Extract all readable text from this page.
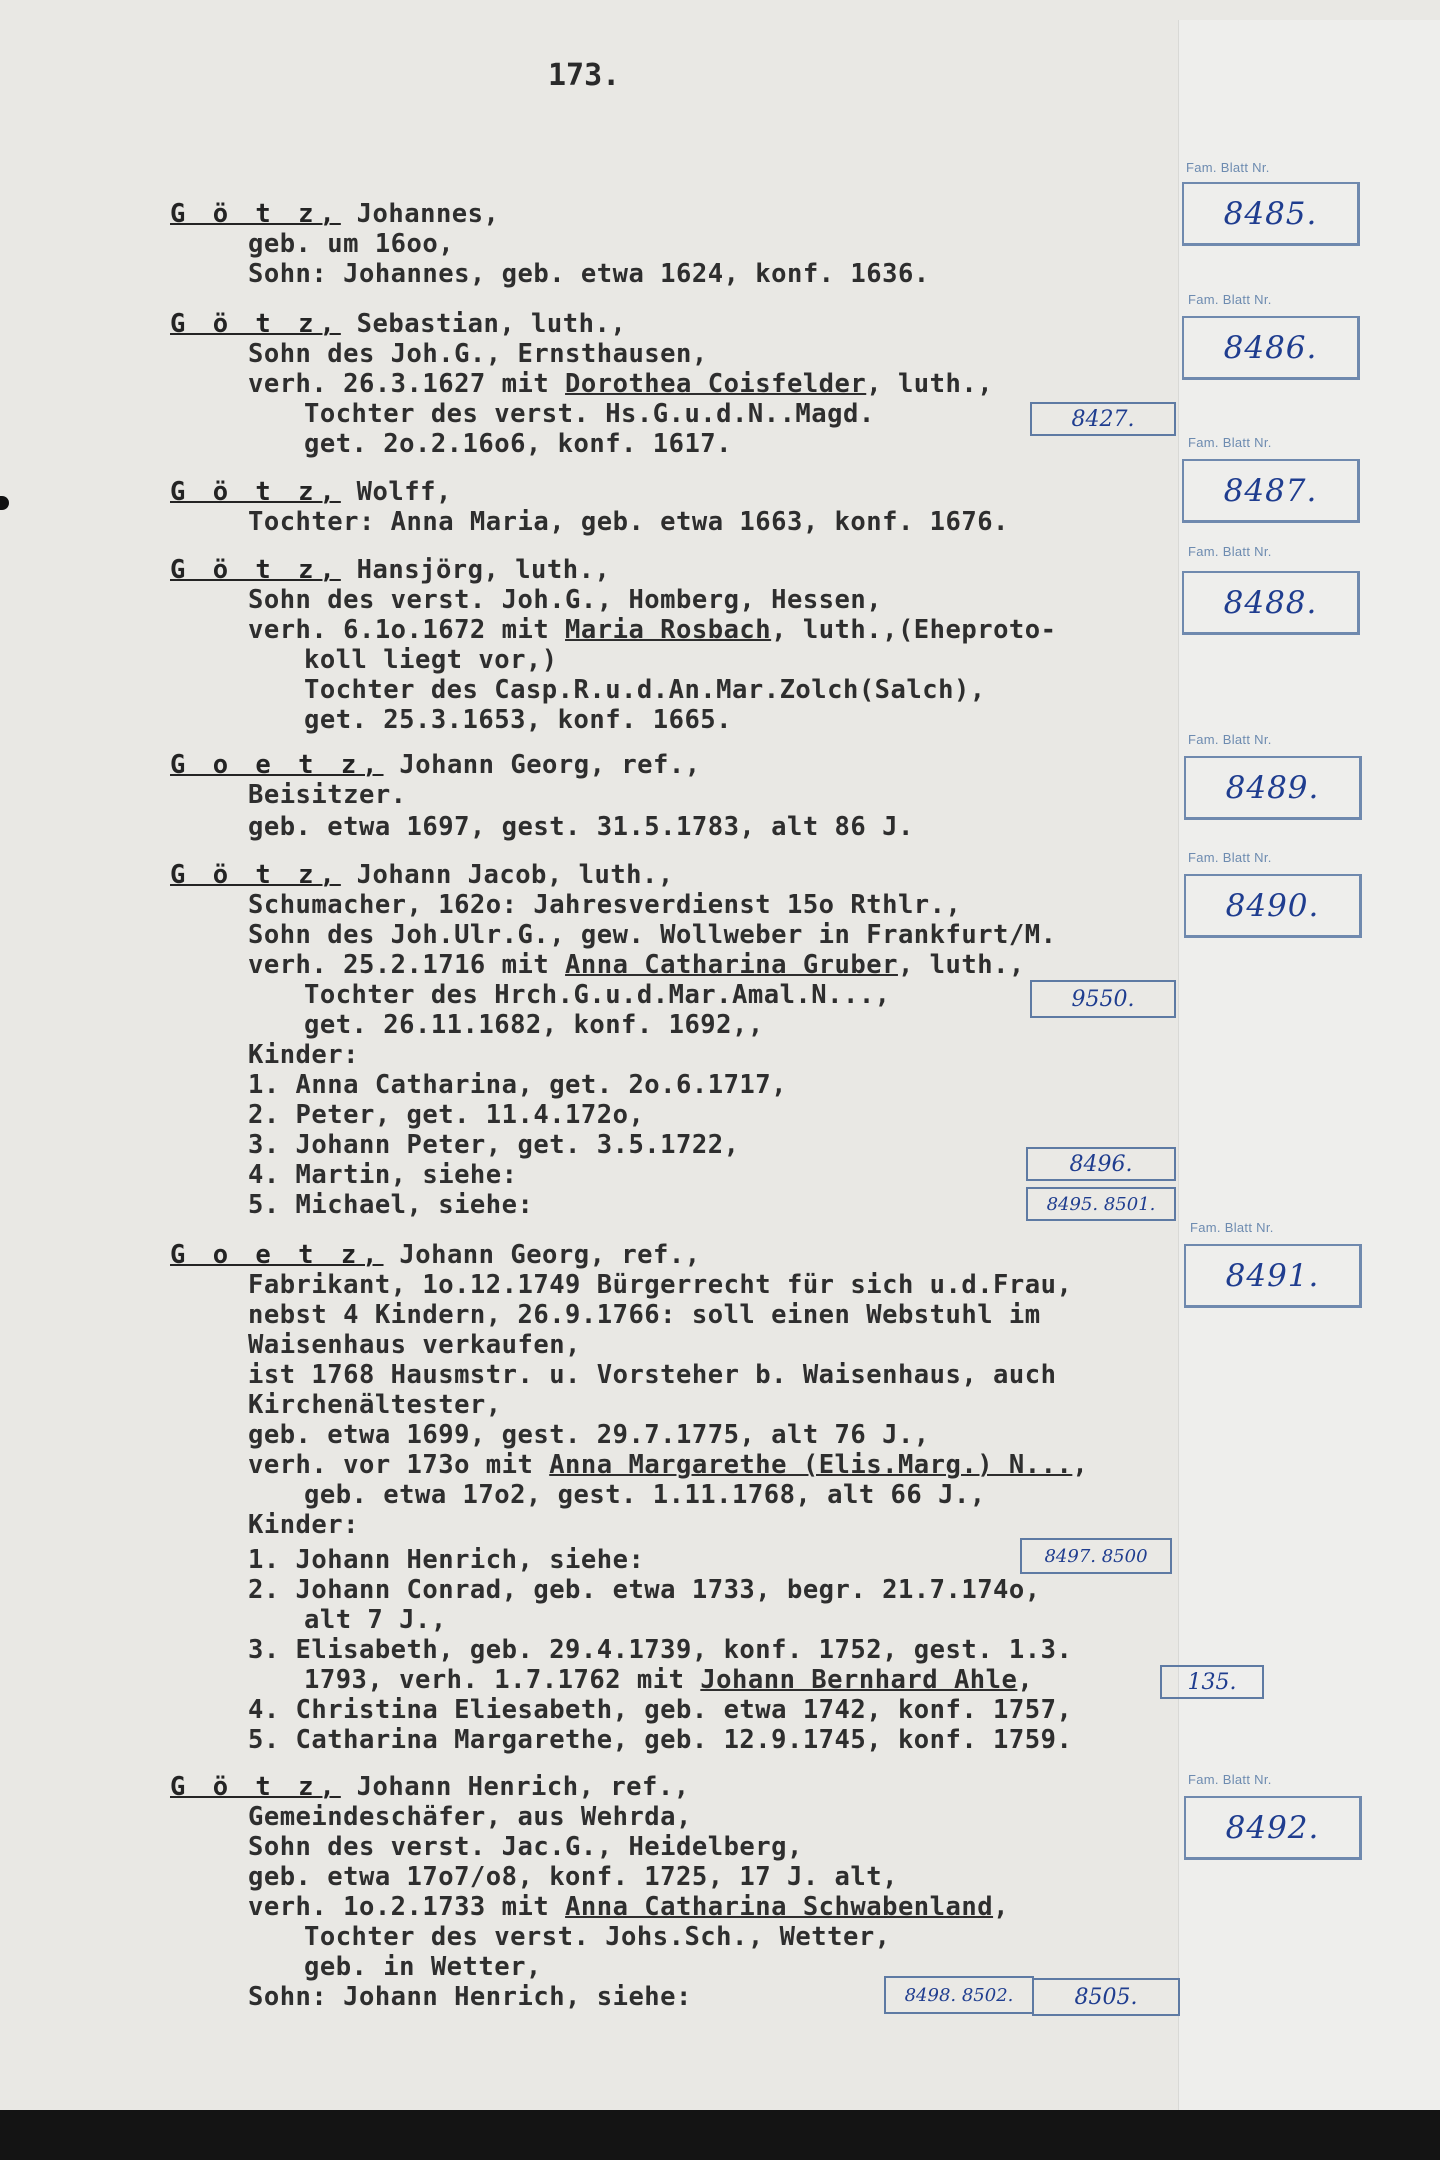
173.

G ö t z, Johannes,

geb. um 16oo,

Sohn: Johannes, geb. etwa 1624, konf. 1636.

G ö t z, Sebastian, luth.,

Sohn des Joh.G., Ernsthausen,

verh. 26.3.1627 mit Dorothea Coisfelder, luth.,

Tochter des verst. Hs.G.u.d.N..Magd.

get. 2o.2.16o6, konf. 1617.

G ö t z, Wolff,

Tochter: Anna Maria, geb. etwa 1663, konf. 1676.

G ö t z, Hansjörg, luth.,

Sohn des verst. Joh.G., Homberg, Hessen,

verh. 6.1o.1672 mit Maria Rosbach, luth.,(Eheproto-

koll liegt vor,)

Tochter des Casp.R.u.d.An.Mar.Zolch(Salch),

get. 25.3.1653, konf. 1665.

G o e t z, Johann Georg, ref.,

Beisitzer.

geb. etwa 1697, gest. 31.5.1783, alt 86 J.

G ö t z, Johann Jacob, luth.,

Schumacher, 162o: Jahresverdienst 15o Rthlr.,

Sohn des Joh.Ulr.G., gew. Wollweber in Frankfurt/M.

verh. 25.2.1716 mit Anna Catharina Gruber, luth.,

Tochter des Hrch.G.u.d.Mar.Amal.N...,

get. 26.11.1682, konf. 1692,,

Kinder:

1. Anna Catharina, get. 2o.6.1717,

2. Peter, get. 11.4.172o,

3. Johann Peter, get. 3.5.1722,

4. Martin, siehe:

5. Michael, siehe:

G o e t z, Johann Georg, ref.,

Fabrikant, 1o.12.1749 Bürgerrecht für sich u.d.Frau,

nebst 4 Kindern, 26.9.1766: soll einen Webstuhl im

Waisenhaus verkaufen,

ist 1768 Hausmstr. u. Vorsteher b. Waisenhaus, auch

Kirchenältester,

geb. etwa 1699, gest. 29.7.1775, alt 76 J.,

verh. vor 173o mit Anna Margarethe (Elis.Marg.) N...,

geb. etwa 17o2, gest. 1.11.1768, alt 66 J.,

Kinder:

1. Johann Henrich, siehe:

2. Johann Conrad, geb. etwa 1733, begr. 21.7.174o,

alt 7 J.,

3. Elisabeth, geb. 29.4.1739, konf. 1752, gest. 1.3.

1793, verh. 1.7.1762 mit Johann Bernhard Ahle,

4. Christina Eliesabeth, geb. etwa 1742, konf. 1757,

5. Catharina Margarethe, geb. 12.9.1745, konf. 1759.

G ö t z, Johann Henrich, ref.,

Gemeindeschäfer, aus Wehrda,

Sohn des verst. Jac.G., Heidelberg,

geb. etwa 17o7/o8, konf. 1725, 17 J. alt,

verh. 1o.2.1733 mit Anna Catharina Schwabenland,

Tochter des verst. Johs.Sch., Wetter,

geb. in Wetter,

Sohn: Johann Henrich, siehe:

Fam. Blatt Nr.
8485.
Fam. Blatt Nr.
8486.
Fam. Blatt Nr.
8487.
Fam. Blatt Nr.
8488.
Fam. Blatt Nr.
8489.
Fam. Blatt Nr.
8490.
Fam. Blatt Nr.
8491.
Fam. Blatt Nr.
8492.
8427.
9550.
8496.
8495. 8501.
8497. 8500
135.
8498. 8502.	8505.
